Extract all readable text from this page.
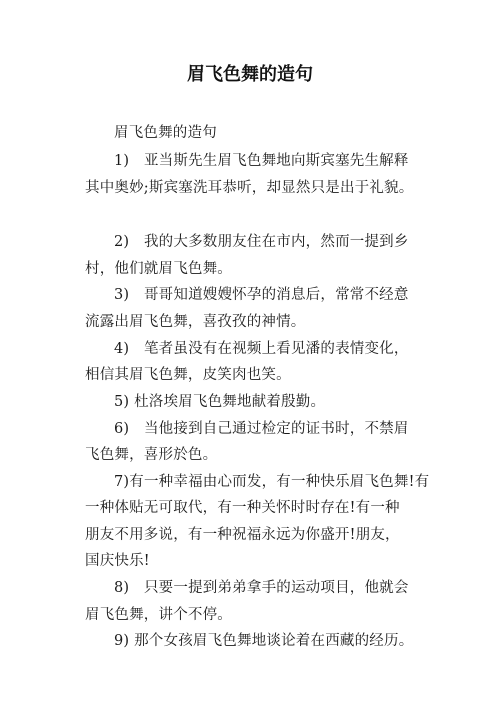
眉飞色舞的造句
眉飞色舞的造句
1)　亚当斯先生眉飞色舞地向斯宾塞先生解释
其中奥妙;斯宾塞洗耳恭听，却显然只是出于礼貌。
2)　我的大多数朋友住在市内，然而一提到乡
村，他们就眉飞色舞。
3)　哥哥知道嫂嫂怀孕的消息后，常常不经意
流露出眉飞色舞，喜孜孜的神情。
4)　笔者虽没有在视频上看见潘的表情变化，
相信其眉飞色舞，皮笑肉也笑。
5) 杜洛埃眉飞色舞地献着殷勤。
6)　当他接到自己通过检定的证书时，不禁眉
飞色舞，喜形於色。
7)有一种幸福由心而发，有一种快乐眉飞色舞!有
一种体贴无可取代，有一种关怀时时存在!有一种
朋友不用多说，有一种祝福永远为你盛开!朋友，
国庆快乐!
8)　只要一提到弟弟拿手的运动项目，他就会
眉飞色舞，讲个不停。
9) 那个女孩眉飞色舞地谈论着在西藏的经历。
